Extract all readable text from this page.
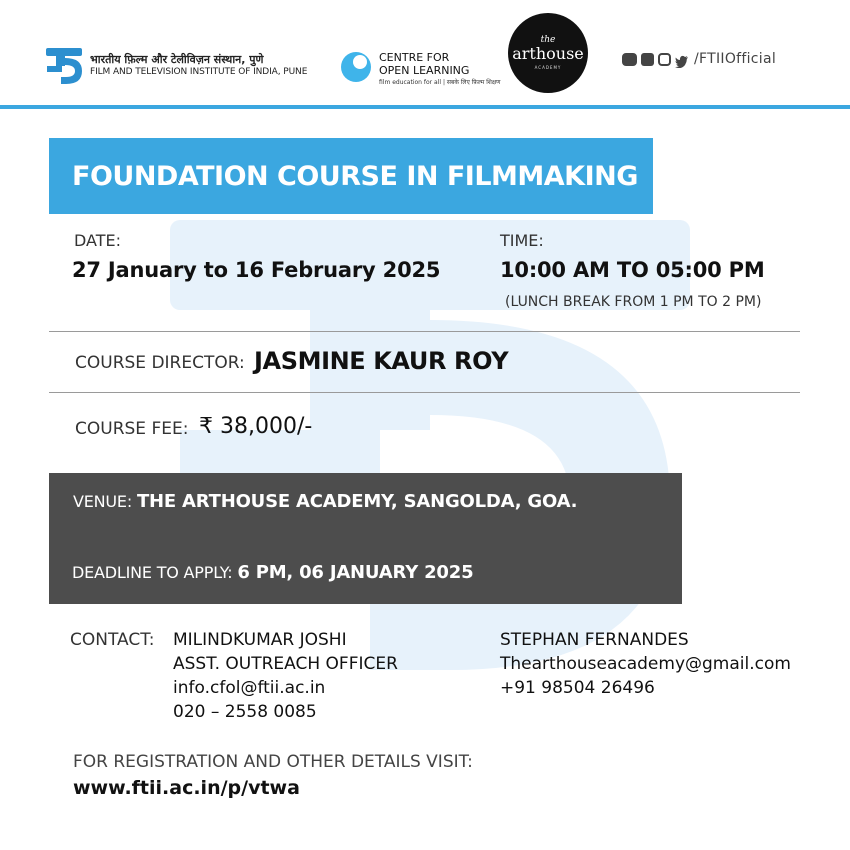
भारतीय फ़िल्म और टेलीविज़न संस्थान, पुणे
FILM AND TELEVISION INSTITUTE OF INDIA, PUNE
CENTRE FOR
OPEN LEARNING
film education for all | सबके लिए फ़िल्म शिक्षण
the
arthouse
ACADEMY
/FTIIOfficial
FOUNDATION COURSE IN FILMMAKING
DATE:
27 January to 16 February 2025
TIME:
10:00 AM TO 05:00 PM
(LUNCH BREAK FROM 1 PM TO 2 PM)
COURSE DIRECTOR: JASMINE KAUR ROY
COURSE FEE: ₹ 38,000/-
VENUE: THE ARTHOUSE ACADEMY, SANGOLDA, GOA.
DEADLINE TO APPLY: 6 PM, 06 JANUARY 2025
CONTACT: MILINDKUMAR JOSHI
ASST. OUTREACH OFFICER
info.cfol@ftii.ac.in
020 – 2558 0085
STEPHAN FERNANDES
Thearthouseacademy@gmail.com
+91 98504 26496
FOR REGISTRATION AND OTHER DETAILS VISIT:
www.ftii.ac.in/p/vtwa
